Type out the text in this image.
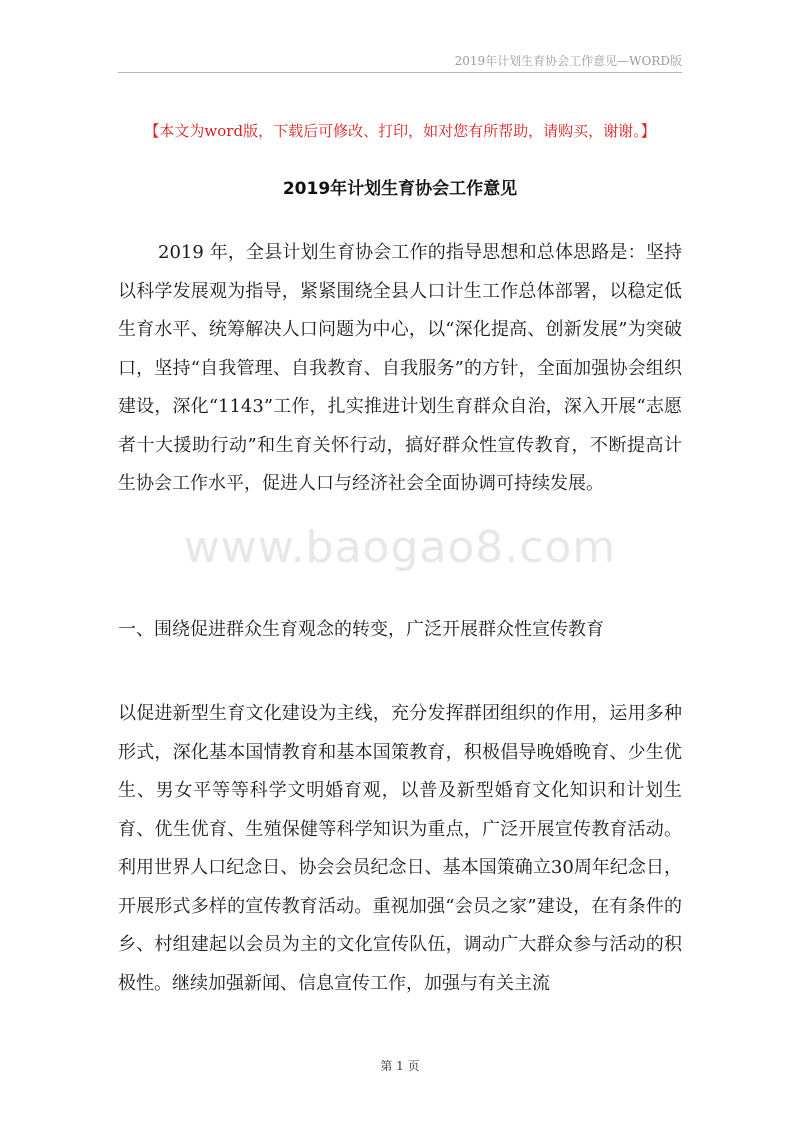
2019年计划生育协会工作意见—WORD版
【本文为word版，下载后可修改、打印，如对您有所帮助，请购买，谢谢。】
2019年计划生育协会工作意见

2019 年，全县计划生育协会工作的指导思想和总体思路是：坚持以科学发展观为指导，紧紧围绕全县人口计生工作总体部署，以稳定低生育水平、统筹解决人口问题为中心，以“深化提高、创新发展”为突破口，坚持“自我管理、自我教育、自我服务”的方针，全面加强协会组织建设，深化“1143”工作，扎实推进计划生育群众自治，深入开展“志愿者十大援助行动”和生育关怀行动，搞好群众性宣传教育，不断提高计生协会工作水平，促进人口与经济社会全面协调可持续发展。

www.baogao8.com
一、围绕促进群众生育观念的转变，广泛开展群众性宣传教育

以促进新型生育文化建设为主线，充分发挥群团组织的作用，运用多种形式，深化基本国情教育和基本国策教育，积极倡导晚婚晚育、少生优生、男女平等等科学文明婚育观，以普及新型婚育文化知识和计划生育、优生优育、生殖保健等科学知识为重点，广泛开展宣传教育活动。利用世界人口纪念日、协会会员纪念日、基本国策确立30周年纪念日，开展形式多样的宣传教育活动。重视加强“会员之家”建设，在有条件的乡、村组建起以会员为主的文化宣传队伍，调动广大群众参与活动的积极性。继续加强新闻、信息宣传工作，加强与有关主流

第 1 页
